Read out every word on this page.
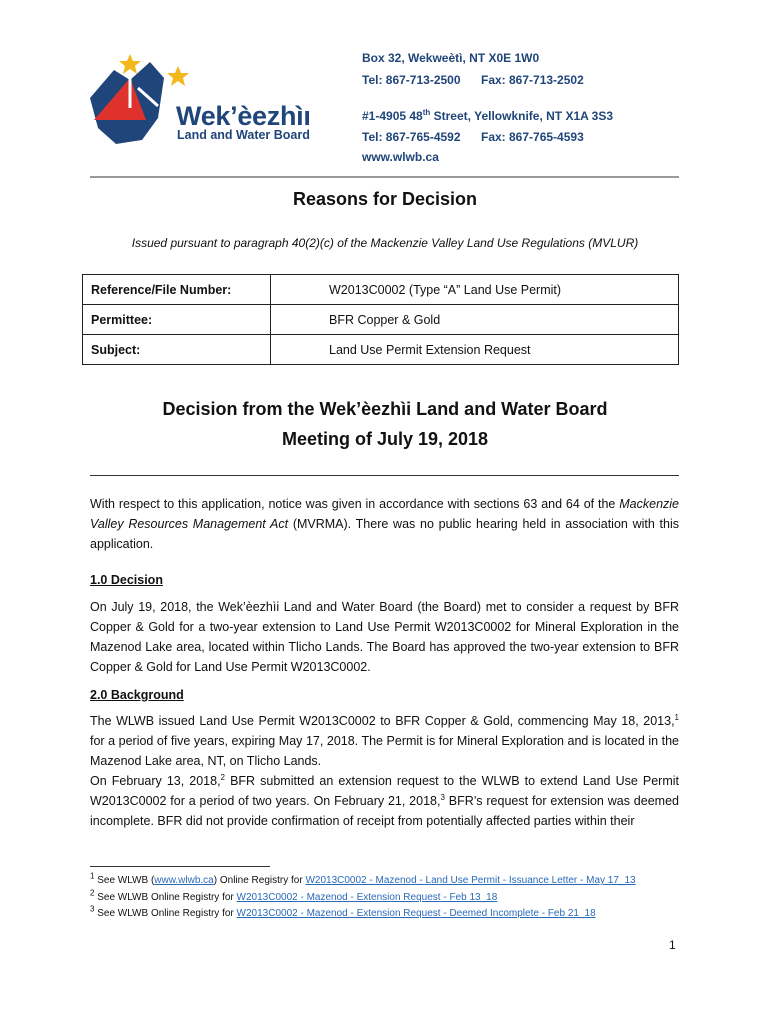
Wek’èezhìı
Land and Water Board
Box 32, Wekweètì, NT X0E 1W0
Tel: 867-713-2500 Fax: 867-713-2502
#1-4905 48th Street, Yellowknife, NT X1A 3S3
Tel: 867-765-4592 Fax: 867-765-4593
www.wlwb.ca
Reasons for Decision
Issued pursuant to paragraph 40(2)(c) of the Mackenzie Valley Land Use Regulations (MVLUR)
Reference/File Number:	W2013C0002 (Type “A” Land Use Permit)
Permittee:	BFR Copper & Gold
Subject:	Land Use Permit Extension Request
Decision from the Wek’èezhìi Land and Water Board
Meeting of July 19, 2018
With respect to this application, notice was given in accordance with sections 63 and 64 of the Mackenzie Valley Resources Management Act (MVRMA). There was no public hearing held in association with this application.
1.0 Decision
On July 19, 2018, the Wek’èezhìi Land and Water Board (the Board) met to consider a request by BFR Copper & Gold for a two-year extension to Land Use Permit W2013C0002 for Mineral Exploration in the Mazenod Lake area, located within Tlicho Lands. The Board has approved the two-year extension to BFR Copper & Gold for Land Use Permit W2013C0002.
2.0 Background
The WLWB issued Land Use Permit W2013C0002 to BFR Copper & Gold, commencing May 18, 2013,$^1$ for a period of five years, expiring May 17, 2018. The Permit is for Mineral Exploration and is located in the Mazenod Lake area, NT, on Tlicho Lands.
On February 13, 2018,$^2$ BFR submitted an extension request to the WLWB to extend Land Use Permit W2013C0002 for a period of two years. On February 21, 2018,$^3$ BFR’s request for extension was deemed incomplete. BFR did not provide confirmation of receipt from potentially affected parties within their
$^1$ See WLWB (www.wlwb.ca) Online Registry for W2013C0002 - Mazenod - Land Use Permit - Issuance Letter - May 17_13
$^2$ See WLWB Online Registry for W2013C0002 - Mazenod - Extension Request - Feb 13_18
$^3$ See WLWB Online Registry for W2013C0002 - Mazenod - Extension Request - Deemed Incomplete - Feb 21_18
1
